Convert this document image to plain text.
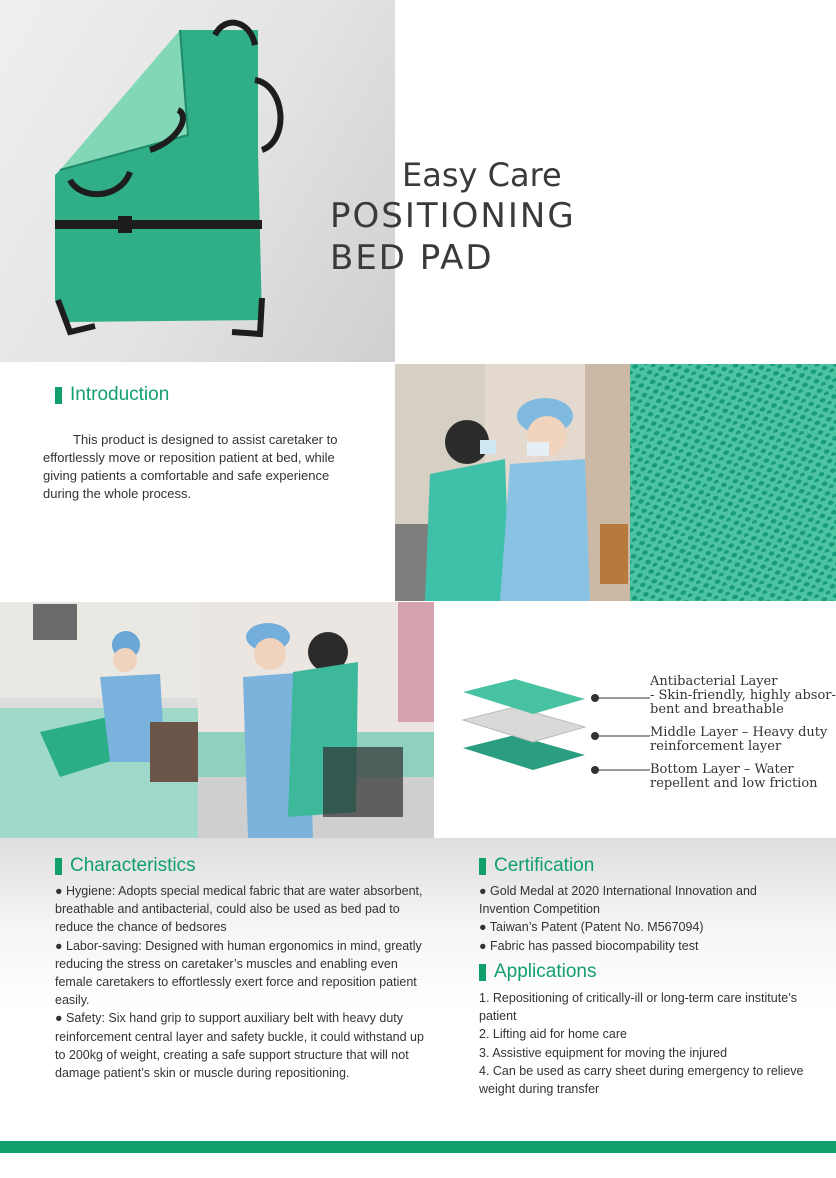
Easy Care
POSITIONING
BED PAD
Introduction
This product is designed to assist caretaker to effortlessly move or reposition patient at bed, while giving patients a comfortable and safe experience during the whole process.
Antibacterial Layer
- Skin-friendly, highly absor-
bent and breathable
Middle Layer – Heavy duty
reinforcement layer
Bottom Layer – Water
repellent and low friction
Characteristics
● Hygiene: Adopts special medical fabric that are water absorbent, breathable and antibacterial, could also be used as bed pad to reduce the chance of bedsores
● Labor-saving: Designed with human ergonomics in mind, greatly reducing the stress on caretaker’s muscles and enabling even female caretakers to effortlessly exert force and reposition patient easily.
● Safety: Six hand grip to support auxiliary belt with heavy duty reinforcement central layer and safety buckle, it could withstand up to 200kg of weight, creating a safe support structure that will not damage patient’s skin or muscle during repositioning.
Certification
● Gold Medal at 2020 International Innovation and Invention Competition
● Taiwan’s Patent (Patent No. M567094)
● Fabric has passed biocompability test
Applications
1. Repositioning of critically-ill or long-term care institute’s patient
2. Lifting aid for home care
3. Assistive equipment for moving the injured
4. Can be used as carry sheet during emergency to relieve weight during transfer
